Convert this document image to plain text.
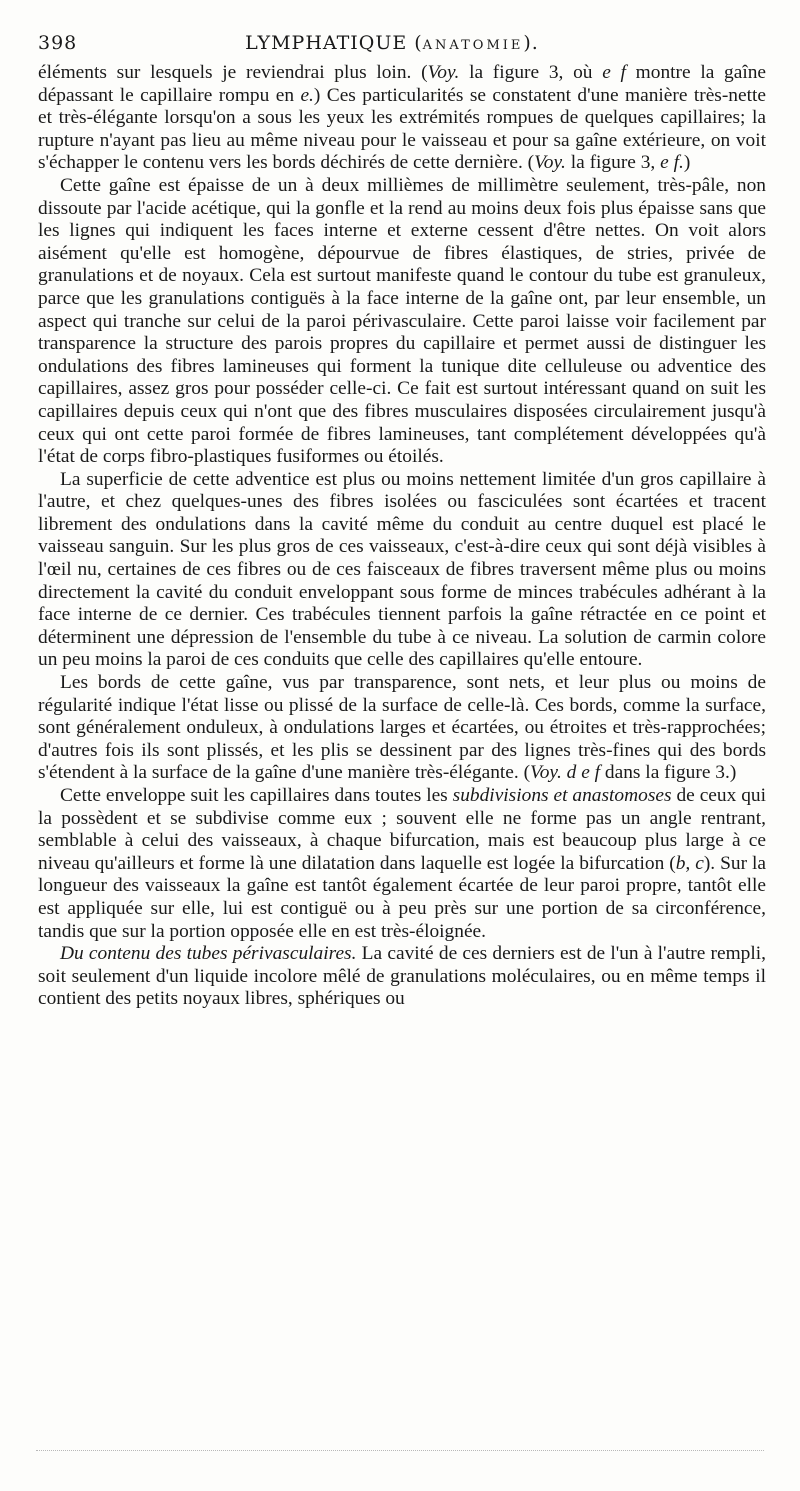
398	LYMPHATIQUE (ANATOMIE).

éléments sur lesquels je reviendrai plus loin. (Voy. la figure 3, où e f montre la gaîne dépassant le capillaire rompu en e.) Ces particularités se constatent d'une manière très-nette et très-élégante lorsqu'on a sous les yeux les extrémités rompues de quelques capillaires; la rupture n'ayant pas lieu au même niveau pour le vaisseau et pour sa gaîne extérieure, on voit s'échapper le contenu vers les bords déchirés de cette dernière. (Voy. la figure 3, e f.)

Cette gaîne est épaisse de un à deux millièmes de millimètre seulement, très-pâle, non dissoute par l'acide acétique, qui la gonfle et la rend au moins deux fois plus épaisse sans que les lignes qui indiquent les faces interne et externe cessent d'être nettes. On voit alors aisément qu'elle est homogène, dépourvue de fibres élastiques, de stries, privée de granulations et de noyaux. Cela est surtout manifeste quand le contour du tube est granuleux, parce que les granulations contiguës à la face interne de la gaîne ont, par leur ensemble, un aspect qui tranche sur celui de la paroi périvasculaire. Cette paroi laisse voir facilement par transparence la structure des parois propres du capillaire et permet aussi de distinguer les ondulations des fibres lamineuses qui forment la tunique dite celluleuse ou adventice des capillaires, assez gros pour posséder celle-ci. Ce fait est surtout intéressant quand on suit les capillaires depuis ceux qui n'ont que des fibres musculaires disposées circulairement jusqu'à ceux qui ont cette paroi formée de fibres lamineuses, tant complétement développées qu'à l'état de corps fibro-plastiques fusiformes ou étoilés.

La superficie de cette adventice est plus ou moins nettement limitée d'un gros capillaire à l'autre, et chez quelques-unes des fibres isolées ou fasciculées sont écartées et tracent librement des ondulations dans la cavité même du conduit au centre duquel est placé le vaisseau sanguin. Sur les plus gros de ces vaisseaux, c'est-à-dire ceux qui sont déjà visibles à l'œil nu, certaines de ces fibres ou de ces faisceaux de fibres traversent même plus ou moins directement la cavité du conduit enveloppant sous forme de minces trabécules adhérant à la face interne de ce dernier. Ces trabécules tiennent parfois la gaîne rétractée en ce point et déterminent une dépression de l'ensemble du tube à ce niveau. La solution de carmin colore un peu moins la paroi de ces conduits que celle des capillaires qu'elle entoure.

Les bords de cette gaîne, vus par transparence, sont nets, et leur plus ou moins de régularité indique l'état lisse ou plissé de la surface de celle-là. Ces bords, comme la surface, sont généralement onduleux, à ondulations larges et écartées, ou étroites et très-rapprochées; d'autres fois ils sont plissés, et les plis se dessinent par des lignes très-fines qui des bords s'étendent à la surface de la gaîne d'une manière très-élégante. (Voy. d e f dans la figure 3.)

Cette enveloppe suit les capillaires dans toutes les subdivisions et anastomoses de ceux qui la possèdent et se subdivise comme eux ; souvent elle ne forme pas un angle rentrant, semblable à celui des vaisseaux, à chaque bifurcation, mais est beaucoup plus large à ce niveau qu'ailleurs et forme là une dilatation dans laquelle est logée la bifurcation (b, c). Sur la longueur des vaisseaux la gaîne est tantôt également écartée de leur paroi propre, tantôt elle est appliquée sur elle, lui est contiguë ou à peu près sur une portion de sa circonférence, tandis que sur la portion opposée elle en est très-éloignée.

Du contenu des tubes périvasculaires. La cavité de ces derniers est de l'un à l'autre rempli, soit seulement d'un liquide incolore mêlé de granulations moléculaires, ou en même temps il contient des petits noyaux libres, sphériques ou
